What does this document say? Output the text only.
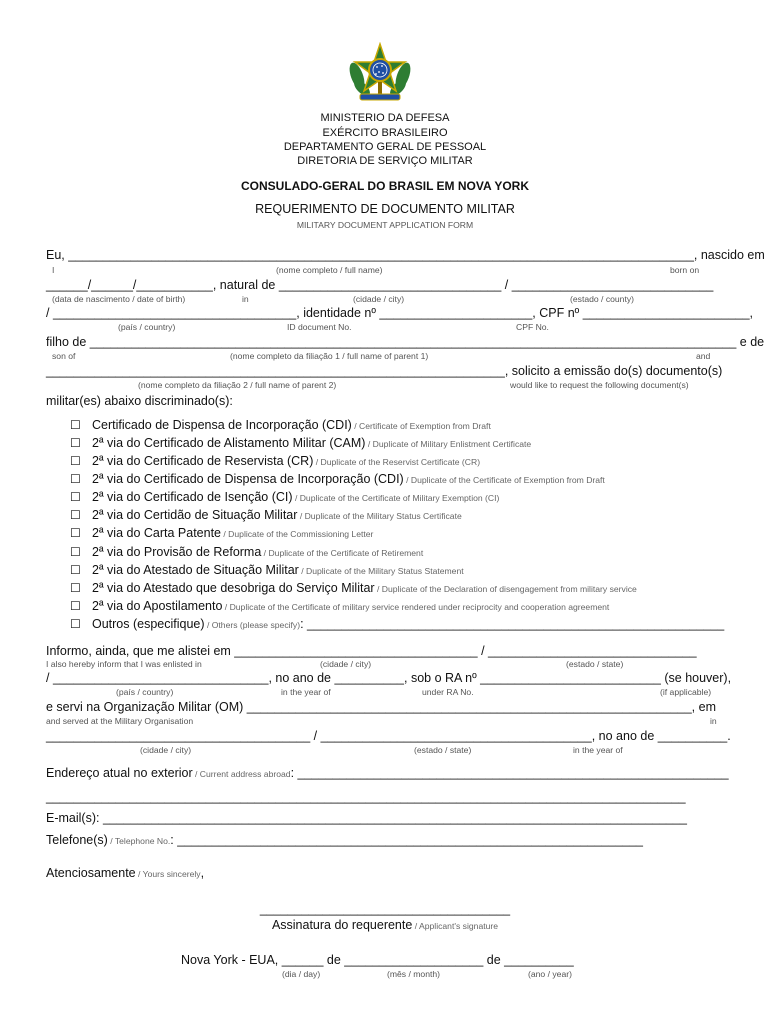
MINISTERIO DA DEFESA
EXÉRCITO BRASILEIRO
DEPARTAMENTO GERAL DE PESSOAL
DIRETORIA DE SERVIÇO MILITAR
CONSULADO-GERAL DO BRASIL EM NOVA YORK
REQUERIMENTO DE DOCUMENTO MILITAR
MILITARY DOCUMENT APPLICATION FORM
Eu, __________________________________________________________________________________________, nascido em
I	(nome completo / full name)	born on
______/______/___________, natural de ________________________________ / _____________________________
(data de nascimento / date of birth)	in	(cidade / city)	(estado / county)
/ ___________________________________, identidade nº ______________________, CPF nº ________________________,
(país / country)	ID document No.	CPF No.
filho de _____________________________________________________________________________________________ e de
son of	(nome completo da filiação 1 / full name of parent 1)	and
__________________________________________________________________, solicito a emissão do(s) documento(s)
(nome completo da filiação 2 / full name of parent 2)	would like to request the following document(s)
militar(es) abaixo discriminado(s):
☐ Certificado de Dispensa de Incorporação (CDI) / Certificate of Exemption from Draft
☐ 2ª via do Certificado de Alistamento Militar (CAM) / Duplicate of Military Enlistment Certificate
☐ 2ª via do Certificado de Reservista (CR) / Duplicate of the Reservist Certificate (CR)
☐ 2ª via do Certificado de Dispensa de Incorporação (CDI) / Duplicate of the Certificate of Exemption from Draft
☐ 2ª via do Certificado de Isenção (CI) / Duplicate of the Certificate of Military Exemption (CI)
☐ 2ª via do Certidão de Situação Militar / Duplicate of the Military Status Certificate
☐ 2ª via do Carta Patente / Duplicate of the Commissioning Letter
☐ 2ª via do Provisão de Reforma / Duplicate of the Certificate of Retirement
☐ 2ª via do Atestado de Situação Militar / Duplicate of the Military Status Statement
☐ 2ª via do Atestado que desobriga do Serviço Militar / Duplicate of the Declaration of disengagement from military service
☐ 2ª via do Apostilamento / Duplicate of the Certificate of military service rendered under reciprocity and cooperation agreement
☐ Outros (especifique) / Others (please specify): ____________________________________________________________
Informo, ainda, que me alistei em ___________________________________ / ______________________________
I also hereby inform that I was enlisted in	(cidade / city)	(estado / state)
/ _______________________________, no ano de __________, sob o RA nº __________________________ (se houver),
(país / country)	in the year of	under RA No.	(if applicable)
e servi na Organização Militar (OM) ________________________________________________________________, em
and served at the Military Organisation	in
______________________________________ / _______________________________________, no ano de __________.
(cidade / city)	(estado / state)	in the year of
Endereço atual no exterior / Current address abroad: ______________________________________________________________
____________________________________________________________________________________________
E-mail(s): ____________________________________________________________________________________
Telefone(s) / Telephone No.: ___________________________________________________________________
Atenciosamente / Yours sincerely,
____________________________________
Assinatura do requerente / Applicant's signature
Nova York - EUA, ______ de ____________________ de __________
(dia / day)	(mês / month)	(ano / year)
